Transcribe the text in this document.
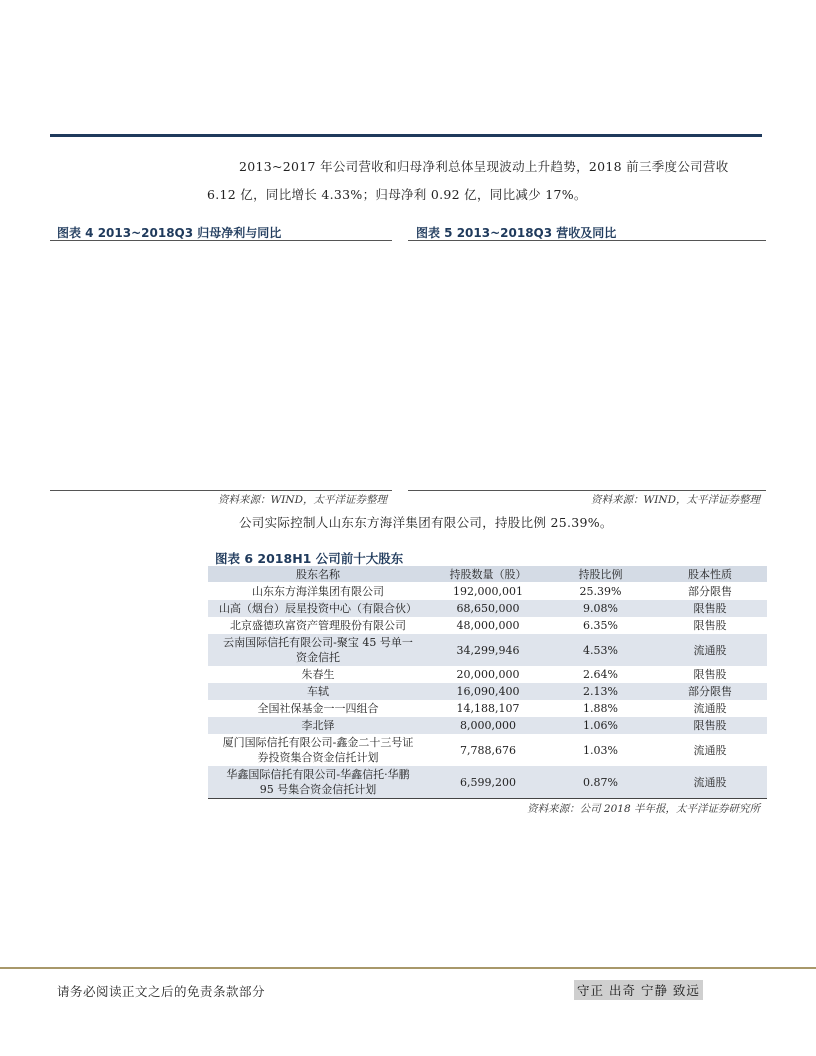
2013~2017 年公司营收和归母净利总体呈现波动上升趋势，2018 前三季度公司营收
6.12 亿，同比增长 4.33%；归母净利 0.92 亿，同比减少 17%。
图表 4 2013~2018Q3 归母净利与同比
资料来源：WIND，太平洋证券整理
图表 5 2013~2018Q3 营收及同比
资料来源：WIND，太平洋证券整理
公司实际控制人山东东方海洋集团有限公司，持股比例 25.39%。
图表 6 2018H1 公司前十大股东
股东名称	持股数量（股）	持股比例	股本性质
山东东方海洋集团有限公司	192,000,001	25.39%	部分限售
山高（烟台）辰星投资中心（有限合伙）	68,650,000	9.08%	限售股
北京盛德玖富资产管理股份有限公司	48,000,000	6.35%	限售股
云南国际信托有限公司-聚宝 45 号单一资金信托	34,299,946	4.53%	流通股
朱春生	20,000,000	2.64%	限售股
车轼	16,090,400	2.13%	部分限售
全国社保基金一一四组合	14,188,107	1.88%	流通股
李北铎	8,000,000	1.06%	限售股
厦门国际信托有限公司-鑫金二十三号证券投资集合资金信托计划	7,788,676	1.03%	流通股
华鑫国际信托有限公司-华鑫信托·华鹏95 号集合资金信托计划	6,599,200	0.87%	流通股
资料来源：公司 2018 半年报，太平洋证券研究所
请务必阅读正文之后的免责条款部分	守正 出奇 宁静 致远
